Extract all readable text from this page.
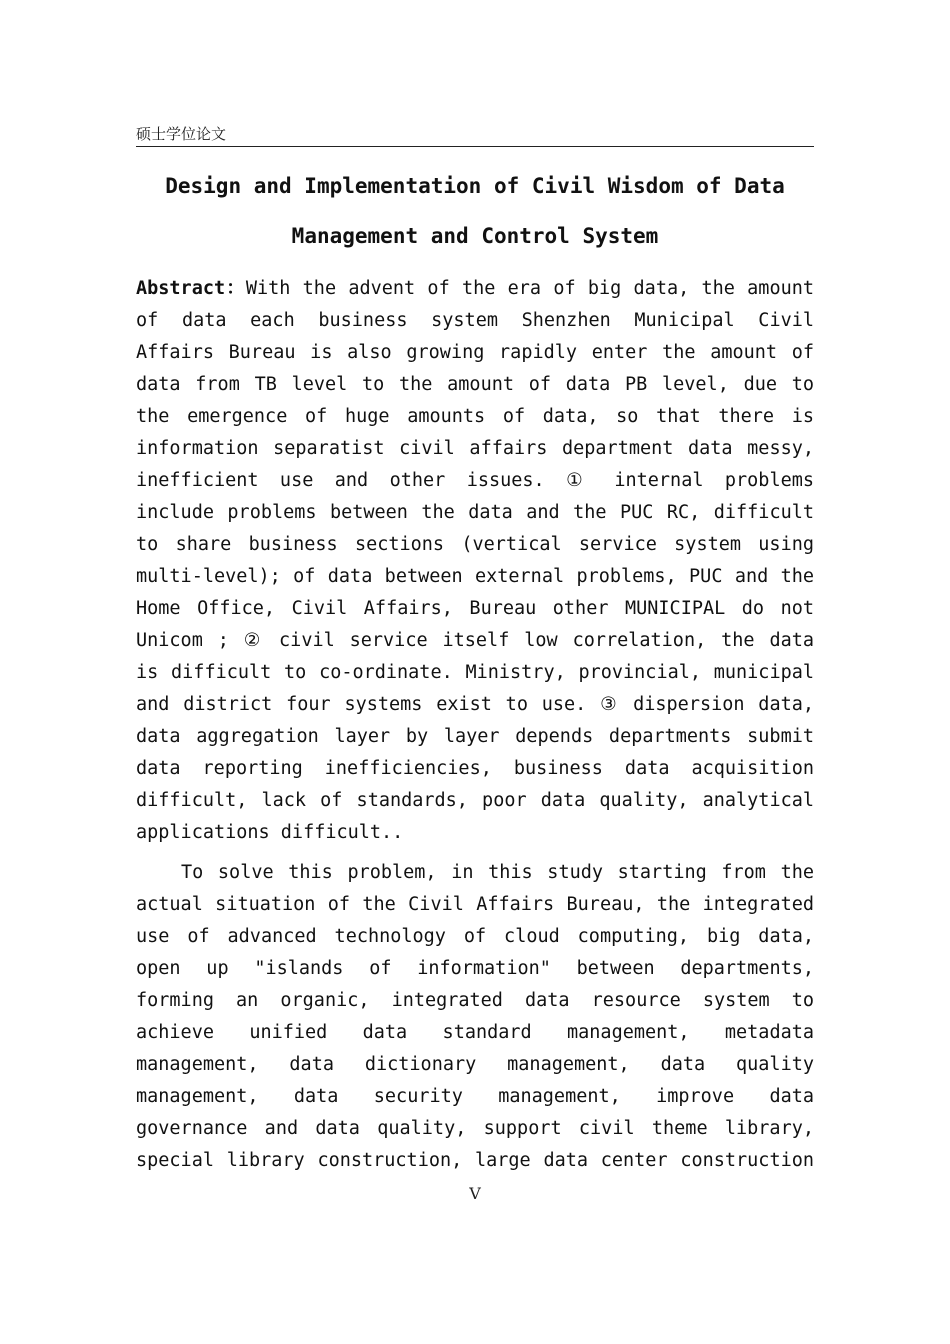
硕士学位论文
Design and Implementation of Civil Wisdom of Data
Management and Control System
Abstract：With the advent of the era of big data, the amount
of data each business system Shenzhen Municipal Civil
Affairs Bureau is also growing rapidly enter the amount of
data from TB level to the amount of data PB level, due to
the emergence of huge amounts of data, so that there is
information separatist civil affairs department data messy,
inefficient use and other issues. ① internal problems
include problems between the data and the PUC RC, difficult
to share business sections (vertical service system using
multi-level); of data between external problems, PUC and the
Home Office, Civil Affairs, Bureau other MUNICIPAL do not
Unicom ; ② civil service itself low correlation, the data
is difficult to co-ordinate. Ministry, provincial, municipal
and district four systems exist to use. ③ dispersion data,
data aggregation layer by layer depends departments submit
data reporting inefficiencies, business data acquisition
difficult, lack of standards, poor data quality, analytical
applications difficult..
To solve this problem, in this study starting from the
actual situation of the Civil Affairs Bureau, the integrated
use of advanced technology of cloud computing, big data,
open up "islands of information" between departments,
forming an organic, integrated data resource system to
achieve unified data standard management, metadata
management, data dictionary management, data quality
management, data security management, improve data
governance and data quality, support civil theme library,
special library construction, large data center construction
V
